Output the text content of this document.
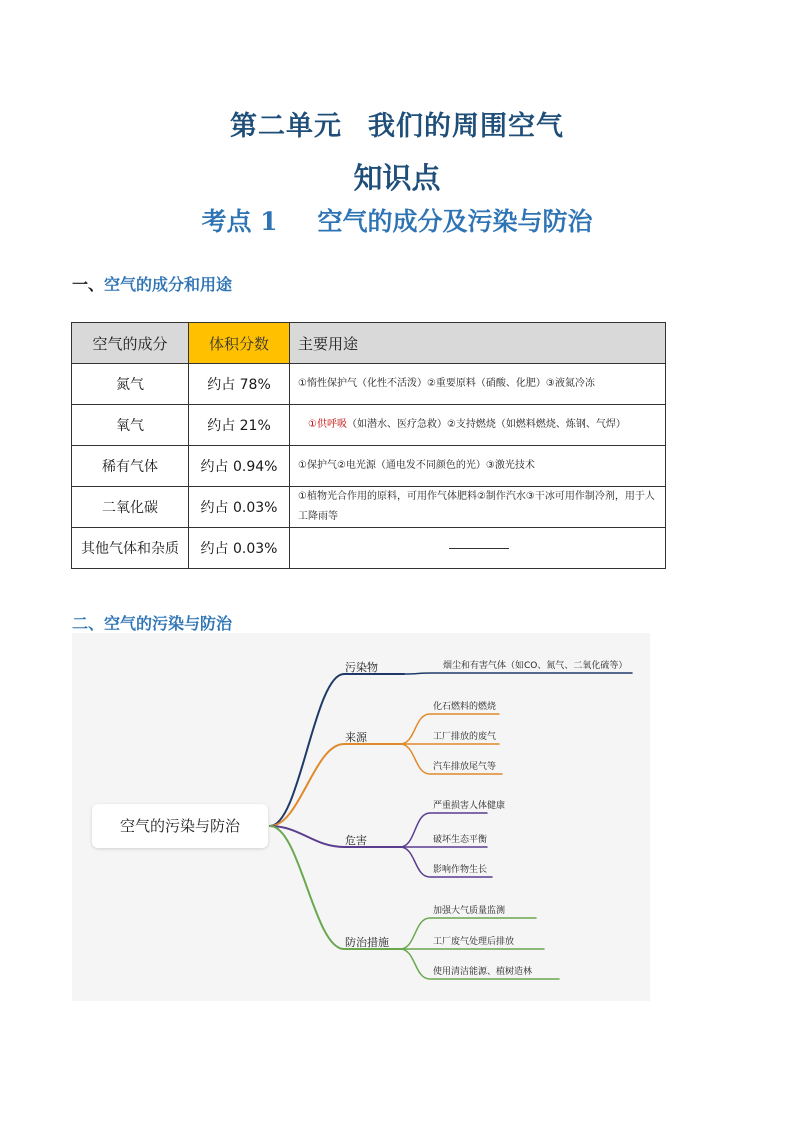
第二单元 我们的周围空气
知识点
考点 1 空气的成分及污染与防治
一、空气的成分和用途
空气的成分	体积分数	主要用途
氮气	约占 78%	①惰性保护气（化性不活泼）②重要原料（硝酸、化肥）③液氮冷冻
氧气	约占 21%	①供呼吸（如潜水、医疗急救）②支持燃烧（如燃料燃烧、炼钢、气焊）
稀有气体	约占 0.94%	①保护气②电光源（通电发不同颜色的光）③激光技术
二氧化碳	约占 0.03%	①植物光合作用的原料，可用作气体肥料②制作汽水③干冰可用作制冷剂，用于人工降雨等
其他气体和杂质	约占 0.03%	
二、空气的污染与防治
空气的污染与防治
污染物	烟尘和有害气体（如CO、氮气、二氧化硫等）
来源
化石燃料的燃烧
工厂排放的废气
汽车排放尾气等
危害
严重损害人体健康
破坏生态平衡
影响作物生长
防治措施
加强大气质量监测
工厂废气处理后排放
使用清洁能源、植树造林
